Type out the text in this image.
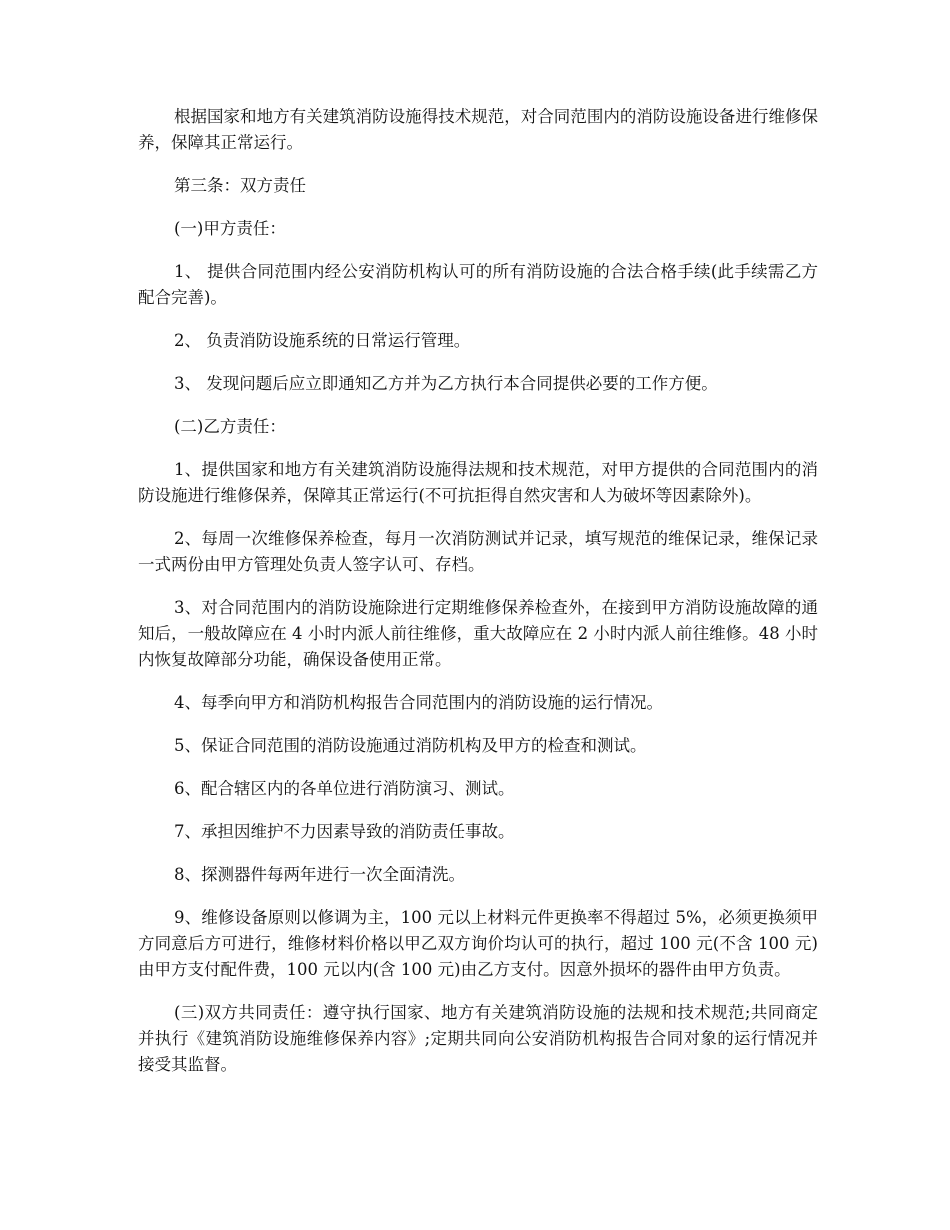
根据国家和地方有关建筑消防设施得技术规范，对合同范围内的消防设施设备进行维修保养，保障其正常运行。

第三条：双方责任

(一)甲方责任：

1、 提供合同范围内经公安消防机构认可的所有消防设施的合法合格手续(此手续需乙方配合完善)。

2、 负责消防设施系统的日常运行管理。

3、 发现问题后应立即通知乙方并为乙方执行本合同提供必要的工作方便。

(二)乙方责任：

1、提供国家和地方有关建筑消防设施得法规和技术规范，对甲方提供的合同范围内的消防设施进行维修保养，保障其正常运行(不可抗拒得自然灾害和人为破坏等因素除外)。

2、每周一次维修保养检查，每月一次消防测试并记录，填写规范的维保记录，维保记录一式两份由甲方管理处负责人签字认可、存档。

3、对合同范围内的消防设施除进行定期维修保养检查外，在接到甲方消防设施故障的通知后，一般故障应在 4 小时内派人前往维修，重大故障应在 2 小时内派人前往维修。48 小时内恢复故障部分功能，确保设备使用正常。

4、每季向甲方和消防机构报告合同范围内的消防设施的运行情况。

5、保证合同范围的消防设施通过消防机构及甲方的检查和测试。

6、配合辖区内的各单位进行消防演习、测试。

7、承担因维护不力因素导致的消防责任事故。

8、探测器件每两年进行一次全面清洗。

9、维修设备原则以修调为主，100 元以上材料元件更换率不得超过 5%，必须更换须甲方同意后方可进行，维修材料价格以甲乙双方询价均认可的执行，超过 100 元(不含 100 元)由甲方支付配件费，100 元以内(含 100 元)由乙方支付。因意外损坏的器件由甲方负责。

(三)双方共同责任：遵守执行国家、地方有关建筑消防设施的法规和技术规范;共同商定并执行《建筑消防设施维修保养内容》;定期共同向公安消防机构报告合同对象的运行情况并接受其监督。
